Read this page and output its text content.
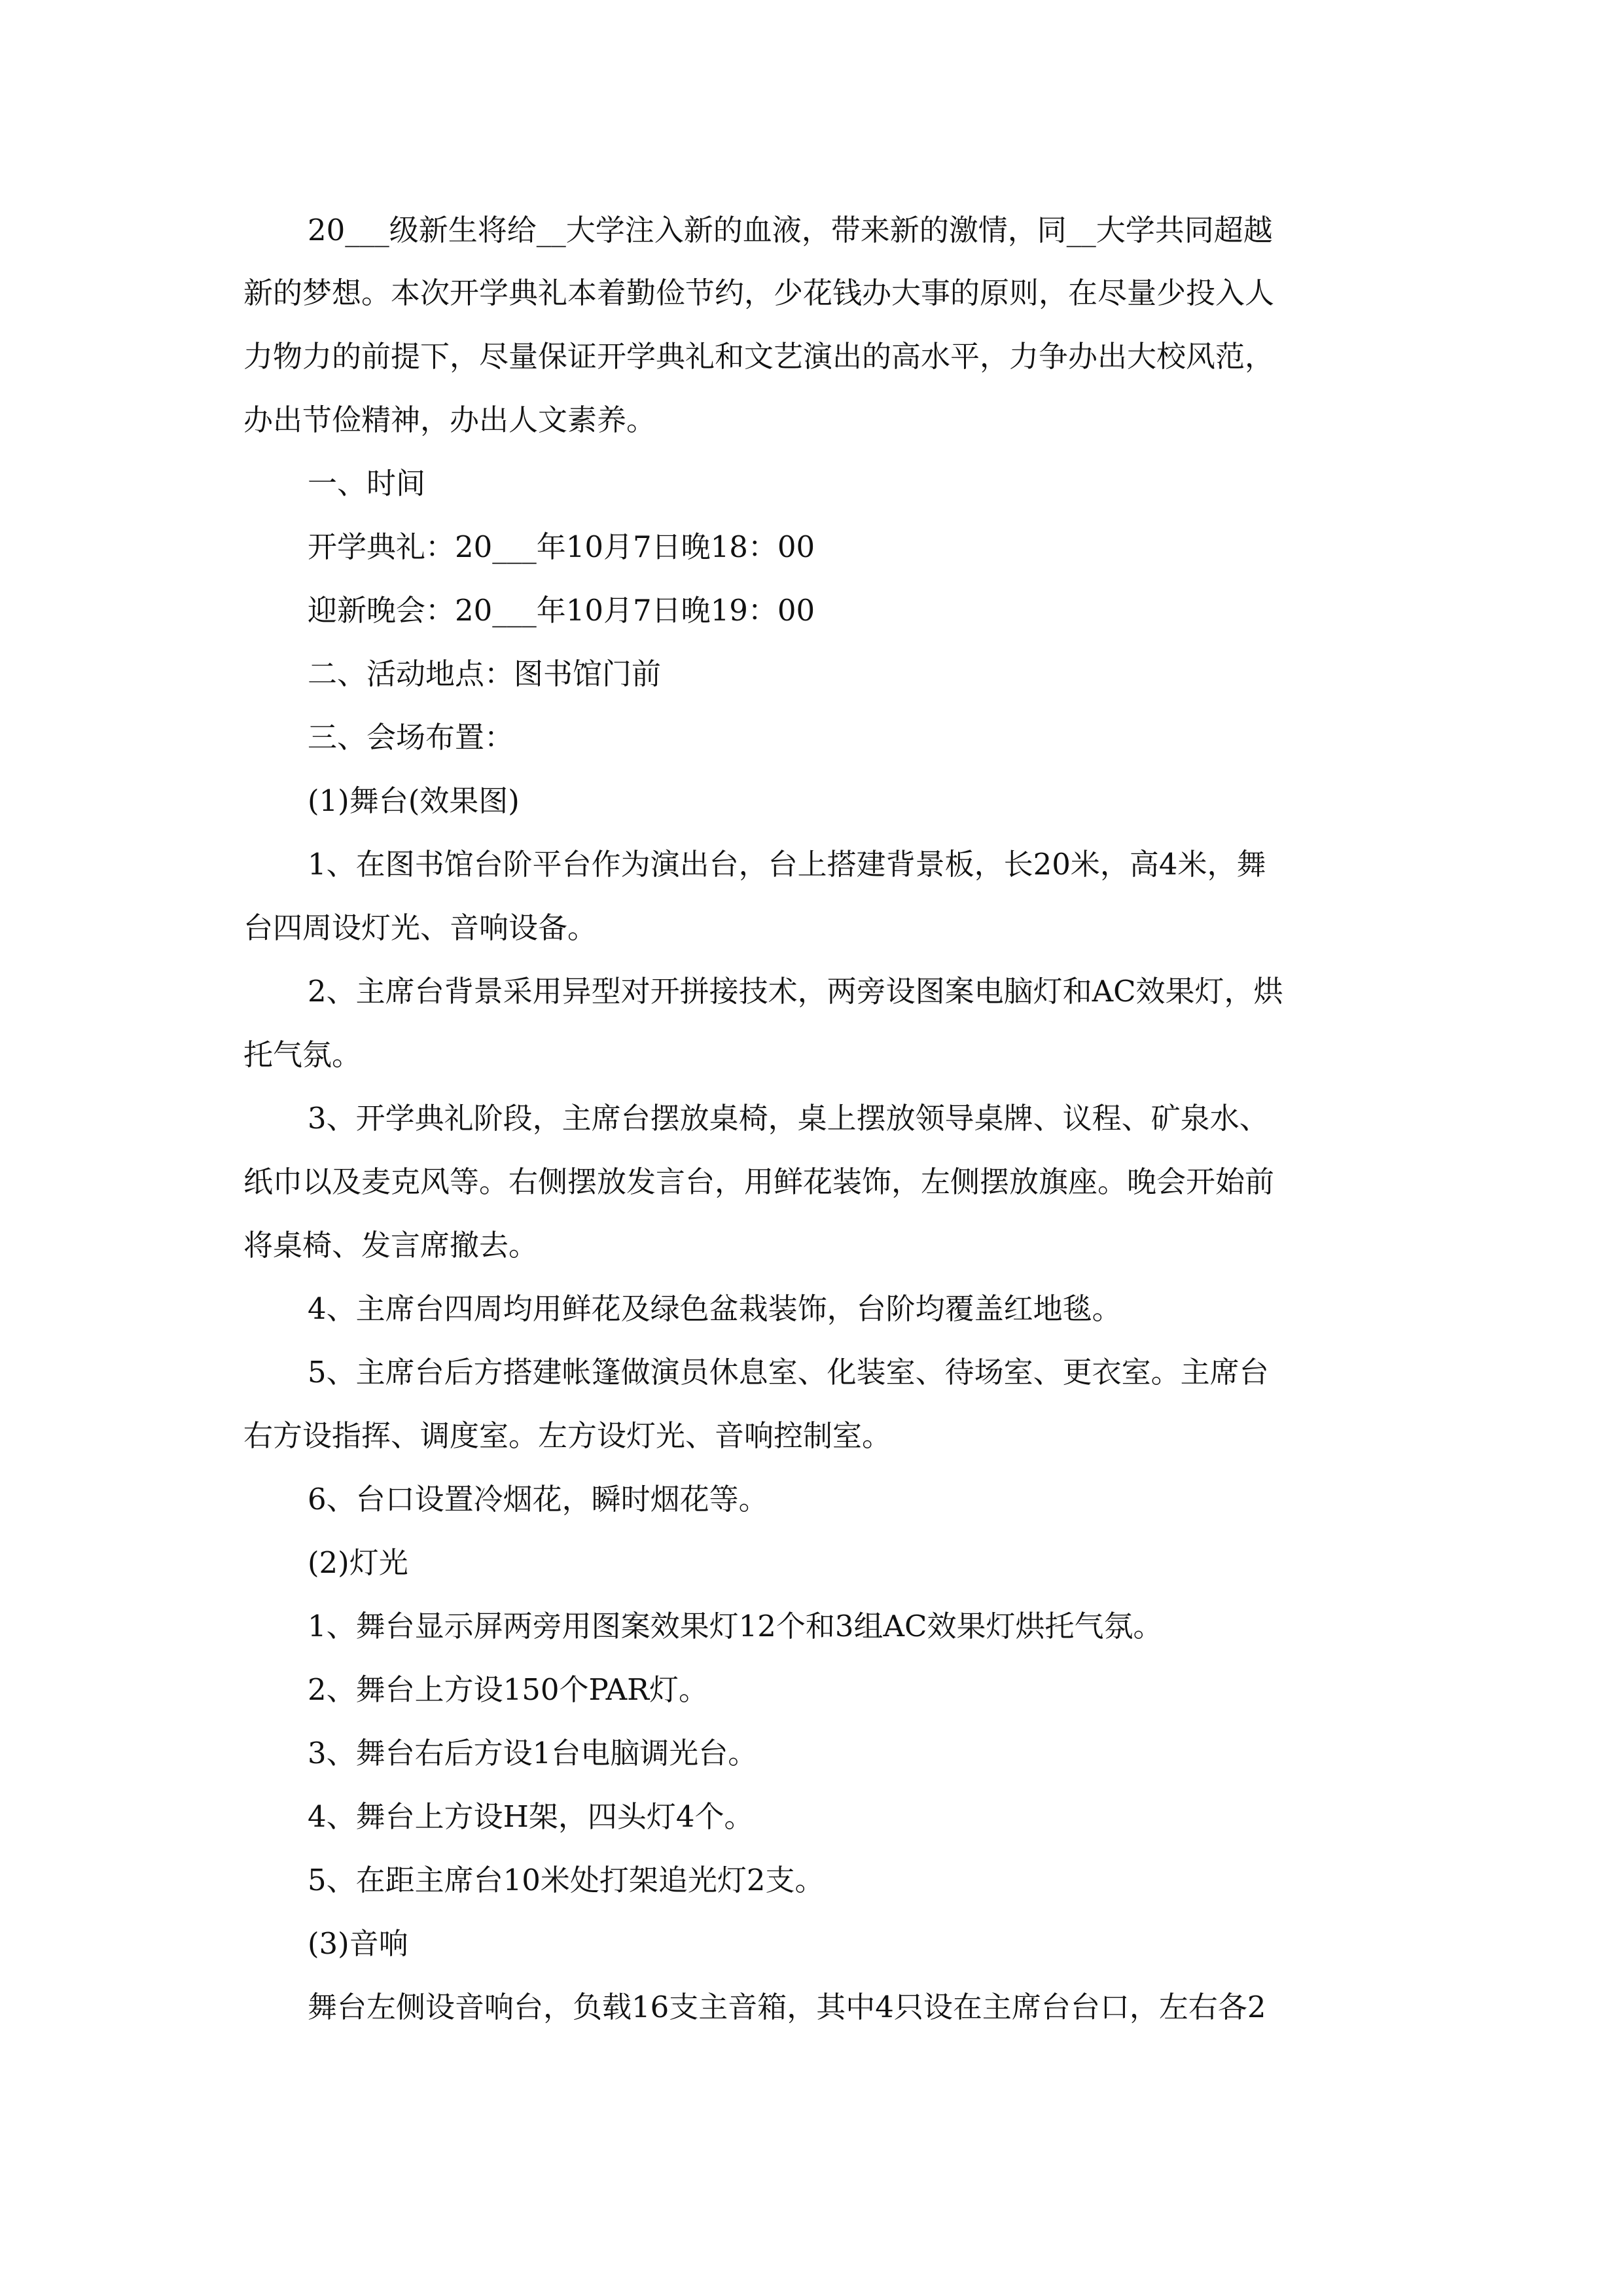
20___级新生将给__大学注入新的血液，带来新的激情，同__大学共同超越

新的梦想。本次开学典礼本着勤俭节约，少花钱办大事的原则，在尽量少投入人

力物力的前提下，尽量保证开学典礼和文艺演出的高水平，力争办出大校风范，

办出节俭精神，办出人文素养。

一、时间

开学典礼：20___年10月7日晚18：00

迎新晚会：20___年10月7日晚19：00

二、活动地点：图书馆门前

三、会场布置：

(1)舞台(效果图)

1、在图书馆台阶平台作为演出台，台上搭建背景板，长20米，高4米，舞

台四周设灯光、音响设备。

2、主席台背景采用异型对开拼接技术，两旁设图案电脑灯和AC效果灯，烘

托气氛。

3、开学典礼阶段，主席台摆放桌椅，桌上摆放领导桌牌、议程、矿泉水、

纸巾以及麦克风等。右侧摆放发言台，用鲜花装饰，左侧摆放旗座。晚会开始前

将桌椅、发言席撤去。

4、主席台四周均用鲜花及绿色盆栽装饰，台阶均覆盖红地毯。

5、主席台后方搭建帐篷做演员休息室、化装室、待场室、更衣室。主席台

右方设指挥、调度室。左方设灯光、音响控制室。

6、台口设置冷烟花，瞬时烟花等。

(2)灯光

1、舞台显示屏两旁用图案效果灯12个和3组AC效果灯烘托气氛。

2、舞台上方设150个PAR灯。

3、舞台右后方设1台电脑调光台。

4、舞台上方设H架，四头灯4个。

5、在距主席台10米处打架追光灯2支。

(3)音响

舞台左侧设音响台，负载16支主音箱，其中4只设在主席台台口，左右各2
